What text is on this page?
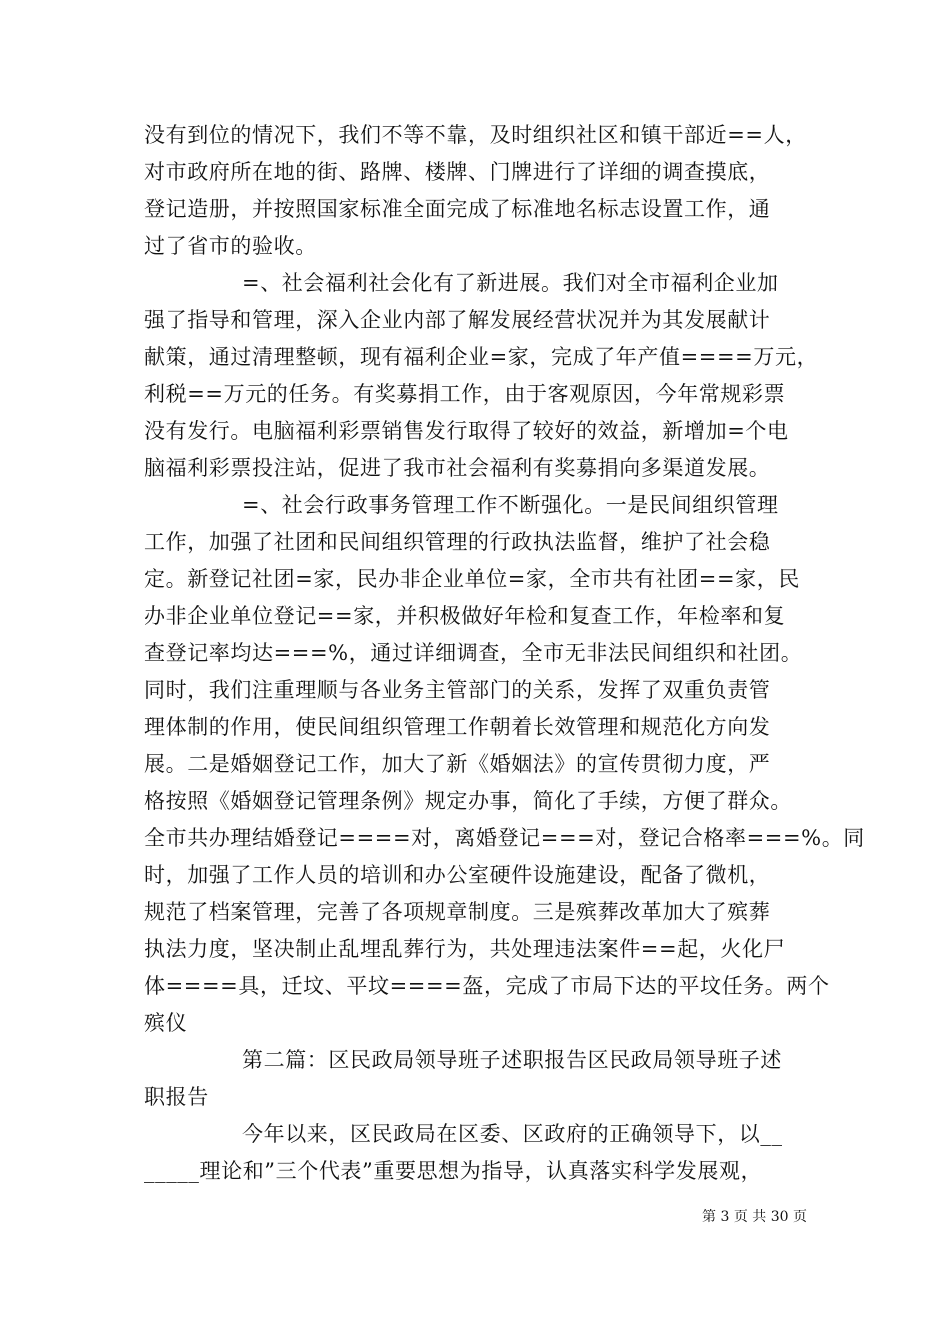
没有到位的情况下，我们不等不靠，及时组织社区和镇干部近==人，
对市政府所在地的街、路牌、楼牌、门牌进行了详细的调查摸底，
登记造册，并按照国家标准全面完成了标准地名标志设置工作，通
过了省市的验收。
=、社会福利社会化有了新进展。我们对全市福利企业加
强了指导和管理，深入企业内部了解发展经营状况并为其发展献计
献策，通过清理整顿，现有福利企业=家，完成了年产值====万元，
利税==万元的任务。有奖募捐工作，由于客观原因，今年常规彩票
没有发行。电脑福利彩票销售发行取得了较好的效益，新增加=个电
脑福利彩票投注站，促进了我市社会福利有奖募捐向多渠道发展。
=、社会行政事务管理工作不断强化。一是民间组织管理
工作，加强了社团和民间组织管理的行政执法监督，维护了社会稳
定。新登记社团=家，民办非企业单位=家，全市共有社团==家，民
办非企业单位登记==家，并积极做好年检和复查工作，年检率和复
查登记率均达===%，通过详细调查，全市无非法民间组织和社团。
同时，我们注重理顺与各业务主管部门的关系，发挥了双重负责管
理体制的作用，使民间组织管理工作朝着长效管理和规范化方向发
展。二是婚姻登记工作，加大了新《婚姻法》的宣传贯彻力度，严
格按照《婚姻登记管理条例》规定办事，简化了手续，方便了群众。
全市共办理结婚登记====对，离婚登记===对，登记合格率===%。同
时，加强了工作人员的培训和办公室硬件设施建设，配备了微机，
规范了档案管理，完善了各项规章制度。三是殡葬改革加大了殡葬
执法力度，坚决制止乱埋乱葬行为，共处理违法案件==起，火化尸
体====具，迁坟、平坟====盔，完成了市局下达的平坟任务。两个
殡仪
第二篇：区民政局领导班子述职报告区民政局领导班子述
职报告
今年以来，区民政局在区委、区政府的正确领导下，以__
_____理论和”三个代表”重要思想为指导，认真落实科学发展观，
第 3 页 共 30 页
